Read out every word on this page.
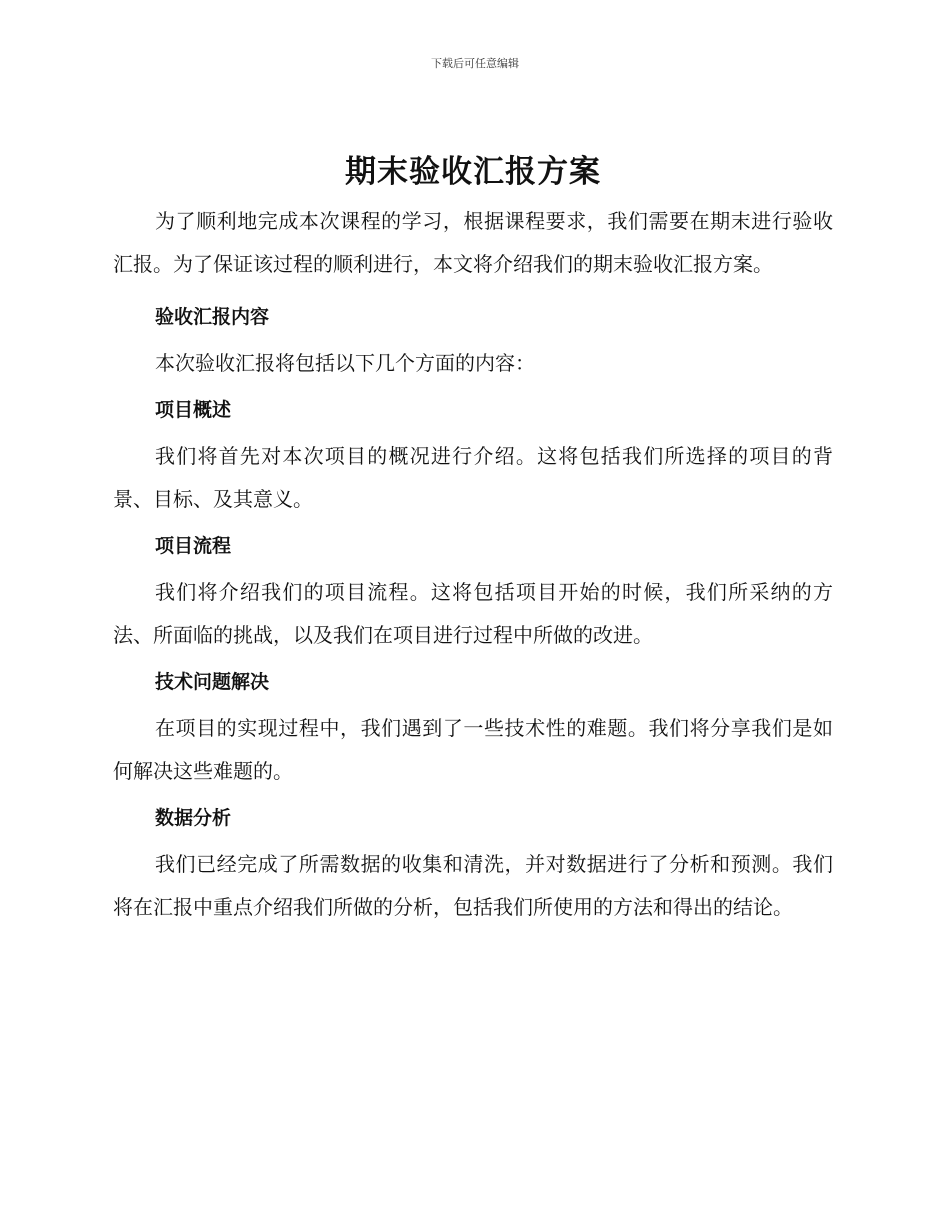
下载后可任意编辑
期末验收汇报方案

为了顺利地完成本次课程的学习，根据课程要求，我们需要在期末进行验收汇报。为了保证该过程的顺利进行，本文将介绍我们的期末验收汇报方案。

验收汇报内容

本次验收汇报将包括以下几个方面的内容：

项目概述

我们将首先对本次项目的概况进行介绍。这将包括我们所选择的项目的背景、目标、及其意义。

项目流程

我们将介绍我们的项目流程。这将包括项目开始的时候，我们所采纳的方法、所面临的挑战，以及我们在项目进行过程中所做的改进。

技术问题解决

在项目的实现过程中，我们遇到了一些技术性的难题。我们将分享我们是如何解决这些难题的。

数据分析

我们已经完成了所需数据的收集和清洗，并对数据进行了分析和预测。我们将在汇报中重点介绍我们所做的分析，包括我们所使用的方法和得出的结论。
